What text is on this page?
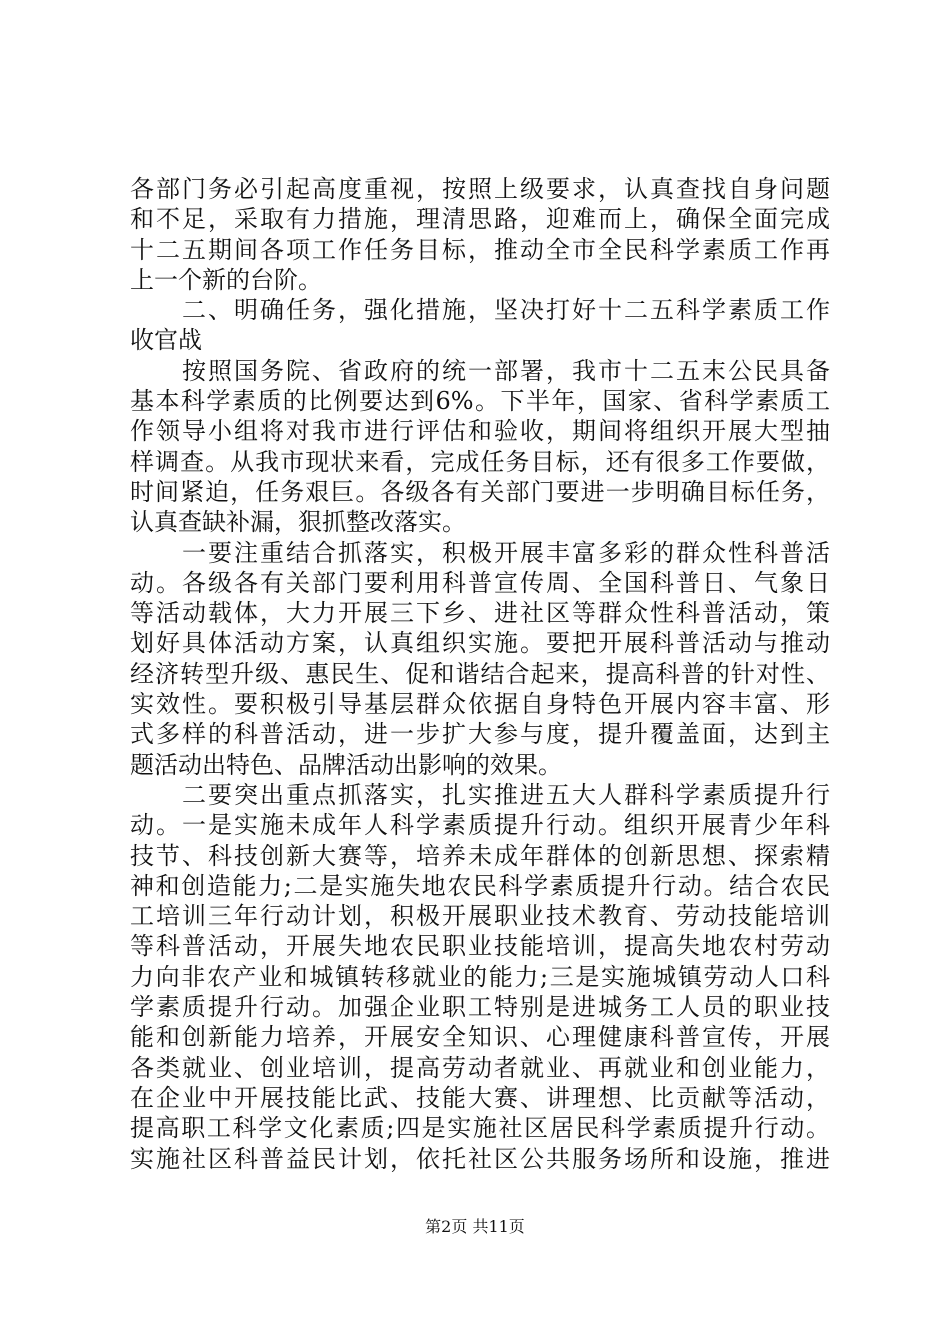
各部门务必引起高度重视，按照上级要求，认真查找自身问题
和不足，采取有力措施，理清思路，迎难而上，确保全面完成
十二五期间各项工作任务目标，推动全市全民科学素质工作再
上一个新的台阶。
二、明确任务，强化措施，坚决打好十二五科学素质工作
收官战
按照国务院、省政府的统一部署，我市十二五末公民具备
基本科学素质的比例要达到6%。下半年，国家、省科学素质工
作领导小组将对我市进行评估和验收，期间将组织开展大型抽
样调查。从我市现状来看，完成任务目标，还有很多工作要做，
时间紧迫，任务艰巨。各级各有关部门要进一步明确目标任务，
认真查缺补漏，狠抓整改落实。
一要注重结合抓落实，积极开展丰富多彩的群众性科普活
动。各级各有关部门要利用科普宣传周、全国科普日、气象日
等活动载体，大力开展三下乡、进社区等群众性科普活动，策
划好具体活动方案，认真组织实施。要把开展科普活动与推动
经济转型升级、惠民生、促和谐结合起来，提高科普的针对性、
实效性。要积极引导基层群众依据自身特色开展内容丰富、形
式多样的科普活动，进一步扩大参与度，提升覆盖面，达到主
题活动出特色、品牌活动出影响的效果。
二要突出重点抓落实，扎实推进五大人群科学素质提升行
动。一是实施未成年人科学素质提升行动。组织开展青少年科
技节、科技创新大赛等，培养未成年群体的创新思想、探索精
神和创造能力;二是实施失地农民科学素质提升行动。结合农民
工培训三年行动计划，积极开展职业技术教育、劳动技能培训
等科普活动，开展失地农民职业技能培训，提高失地农村劳动
力向非农产业和城镇转移就业的能力;三是实施城镇劳动人口科
学素质提升行动。加强企业职工特别是进城务工人员的职业技
能和创新能力培养，开展安全知识、心理健康科普宣传，开展
各类就业、创业培训，提高劳动者就业、再就业和创业能力，
在企业中开展技能比武、技能大赛、讲理想、比贡献等活动，
提高职工科学文化素质;四是实施社区居民科学素质提升行动。
实施社区科普益民计划，依托社区公共服务场所和设施，推进
第2页 共11页
